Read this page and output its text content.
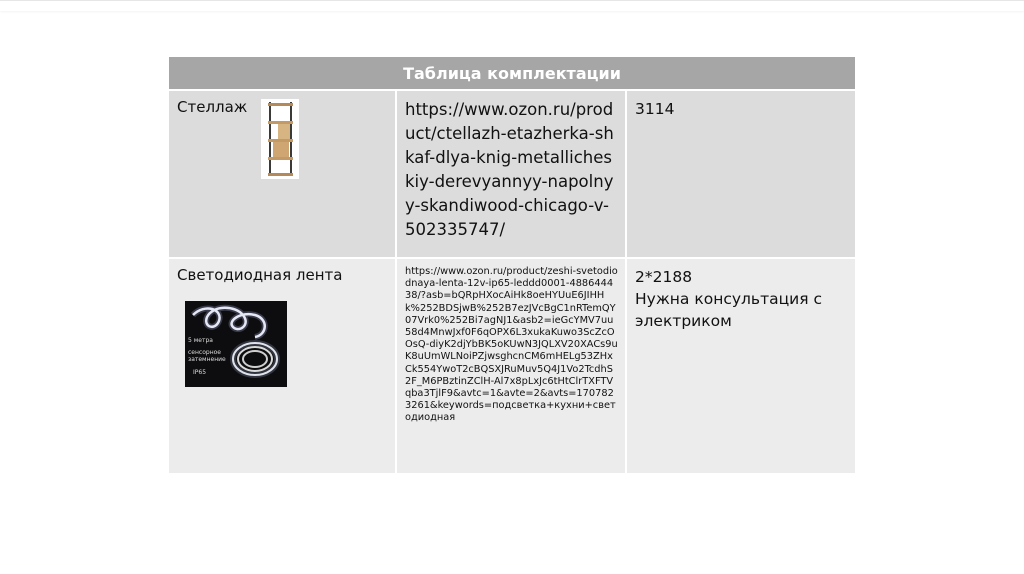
Таблица комплектации
Стеллаж	https://www.ozon.ru/product/ctellazh-etazherka-shkaf-dlya-knig-metallicheskiy-derevyannyy-napolnyy-skandiwood-chicago-v-502335747/
3114
Светодиодная лента
5 метра
сенсорное затемнение
IP65
https://www.ozon.ru/product/zeshi-svetodiodnaya-lenta-12v-ip65-leddd0001-488644438/?asb=bQRpHXocAiHk8oeHYUuE6JIHHk%252BDSjwB%252B7ezJVcBgC1nRTemQY07Vrk0%252Bi7agNJ1&asb2=ieGcYMV7uu58d4MnwJxf0F6qOPX6L3xukaKuwo3ScZcOOsQ-diyK2djYbBK5oKUwN3JQLXV20XACs9uK8uUmWLNoiPZjwsghcnCM6mHELg53ZHxCk554YwoT2cBQSXJRuMuv5Q4J1Vo2TcdhS2F_M6PBztinZClH-Al7x8pLxJc6tHtClrTXFTVqba3TjlF9&avtc=1&avte=2&avts=1707823261&keywords=подсветка+кухни+светодиодная
2*2188
Нужна консультация с электриком
